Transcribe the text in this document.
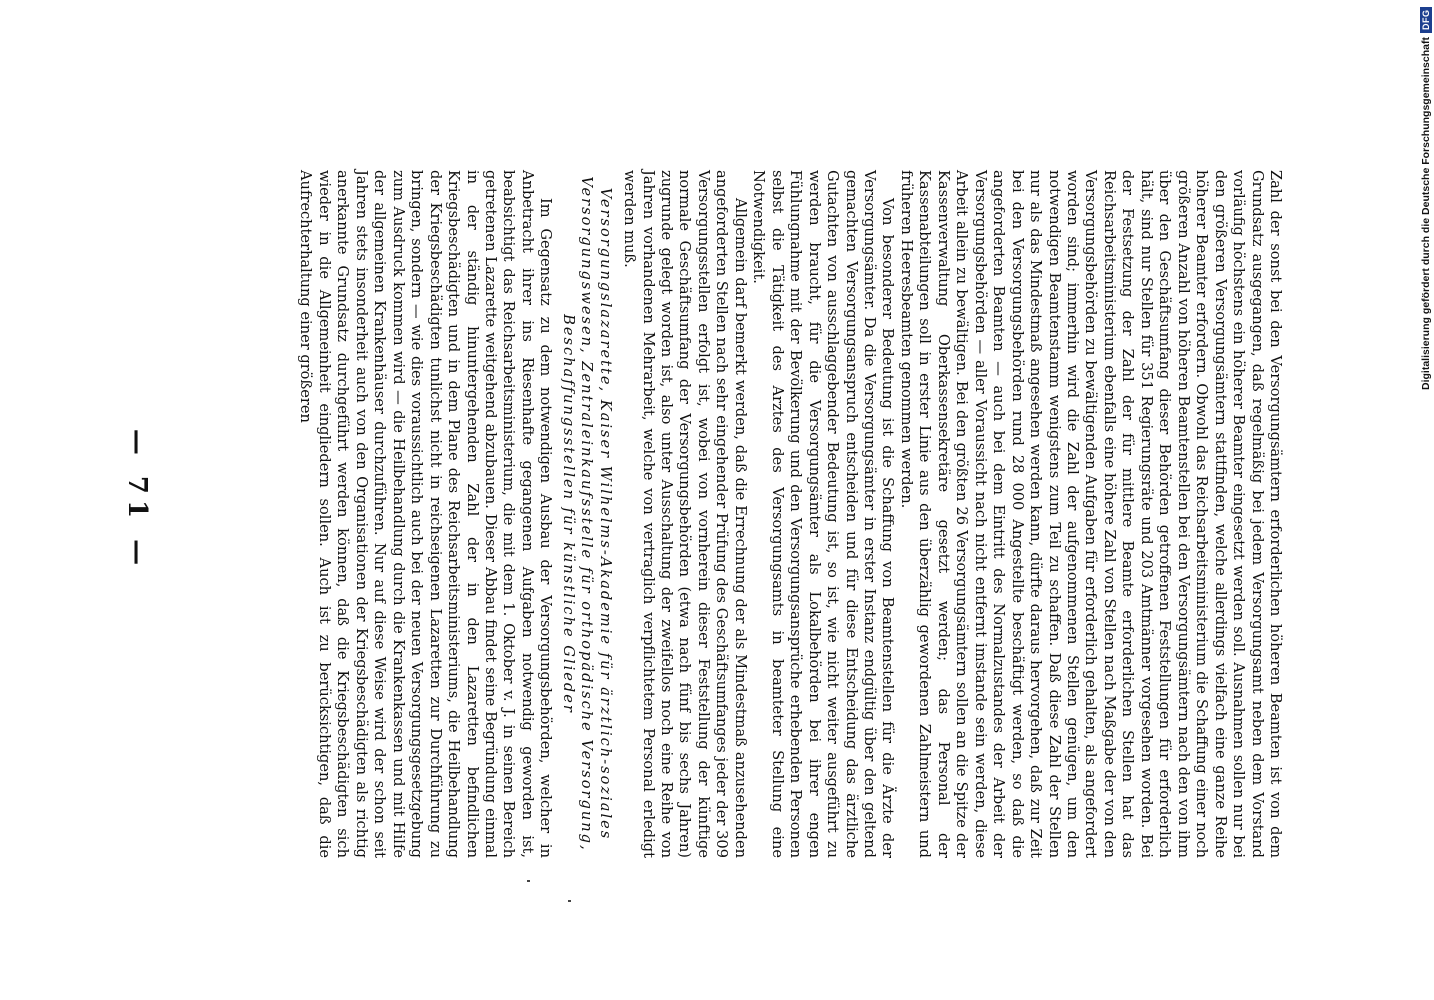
— 71 —	Zahl der sonst bei den Versorgungsämtern erforderlichen höheren Beamten ist von dem Grundsatz ausgegangen, daß regelmäßig bei jedem Versorgungsamt neben dem Vorstand vorläufig höchstens ein höherer Beamter eingesetzt werden soll. Ausnahmen sollen nur bei den größeren Versorgungsämtern stattfinden, welche allerdings vielfach eine ganze Reihe höherer Beamter erfordern. Obwohl das Reichsarbeitsministerium die Schaffung einer noch größeren Anzahl von höheren Beamtenstellen bei den Versorgungsämtern nach den von ihm über den Geschäftsumfang dieser Behörden getroffenen Feststellungen für erforderlich hält, sind nur Stellen für 351 Regierungsräte und 203 Amtmänner vorgesehen worden. Bei der Festsetzung der Zahl der für mittlere Beamte erforderlichen Stellen hat das Reichsarbeitsministerium ebenfalls eine höhere Zahl von Stellen nach Maßgabe der von den Versorgungsbehörden zu bewältigenden Aufgaben für erforderlich gehalten, als angefordert worden sind; immerhin wird die Zahl der aufgenommenen Stellen genügen, um den notwendigen Beamtenstamm wenigstens zum Teil zu schaffen. Daß diese Zahl der Stellen nur als das Mindestmaß angesehen werden kann, dürfte daraus hervorgehen, daß zur Zeit bei den Versorgungsbehörden rund 28 000 Angestellte beschäftigt werden, so daß die angeforderten Beamten — auch bei dem Eintritt des Normalzustandes der Arbeit der Versorgungsbehörden — aller Voraussicht nach nicht entfernt imstande sein werden, diese Arbeit allein zu bewältigen. Bei den größten 26 Versorgungsämtern sollen an die Spitze der Kassenverwaltung Oberkassensekretäre gesetzt werden; das Personal der Kassenabteilungen soll in erster Linie aus den überzählig gewordenen Zahlmeistern und früheren Heeresbeamten genommen werden.

Von besonderer Bedeutung ist die Schaffung von Beamtenstellen für die Ärzte der Versorgungsämter. Da die Versorgungsämter in erster Instanz endgültig über den geltend gemachten Versorgungsanspruch entscheiden und für diese Entscheidung das ärztliche Gutachten von ausschlaggebender Bedeutung ist, so ist, wie nicht weiter ausgeführt zu werden braucht, für die Versorgungsämter als Lokalbehörden bei ihrer engen Fühlungnahme mit der Bevölkerung und den Versorgungsansprüche erhebenden Personen selbst die Tätigkeit des Arztes des Versorgungsamts in beamteter Stellung eine Notwendigkeit.

Allgemein darf bemerkt werden, daß die Errechnung der als Mindestmaß anzusehenden angeforderten Stellen nach sehr eingehender Prüfung des Geschäftsumfanges jeder der 309 Versorgungsstellen erfolgt ist, wobei von vornherein dieser Feststellung der künftige normale Geschäftsumfang der Versorgungsbehörden (etwa nach fünf bis sechs Jahren) zugrunde gelegt worden ist, also unter Ausschaltung der zweifellos noch eine Reihe von Jahren vorhandenen Mehrarbeit, welche von vertraglich verpflichtetem Personal erledigt werden muß.

Versorgungslazarette, Kaiser Wilhelms-Akademie für ärztlich-soziales
Versorgungswesen, Zentraleinkaufsstelle für orthopädische Versorgung,
Beschaffungsstellen für künstliche Glieder

Im Gegensatz zu dem notwendigen Ausbau der Versorgungsbehörden, welcher in Anbetracht ihrer ins Riesenhafte gegangenen Aufgaben notwendig geworden ist, beabsichtigt das Reichsarbeitsministerium, die mit dem 1. Oktober v. J. in seinen Bereich getretenen Lazarette weitgehend abzubauen. Dieser Abbau findet seine Begründung einmal in der ständig hinuntergehenden Zahl der in den Lazaretten befindlichen Kriegsbeschädigten und in dem Plane des Reichsarbeitsministeriums, die Heilbehandlung der Kriegsbeschädigten tunlichst nicht in reichseigenen Lazaretten zur Durchführung zu bringen, sondern — wie dies voraussichtlich auch bei der neuen Versorgungsgesetzgebung zum Ausdruck kommen wird — die Heilbehandlung durch die Krankenkassen und mit Hilfe der allgemeinen Krankenhäuser durchzuführen. Nur auf diese Weise wird der schon seit Jahren stets insonderheit auch von den Organisationen der Kriegsbeschädigten als richtig anerkannte Grundsatz durchgeführt werden können, daß die Kriegsbeschädigten sich wieder in die Allgemeinheit eingliedern sollen. Auch ist zu berücksichtigen, daß die Aufrechterhaltung einer größeren	Digitalisierung gefördert durch die Deutsche Forschungsgemeinschaft
DFG
